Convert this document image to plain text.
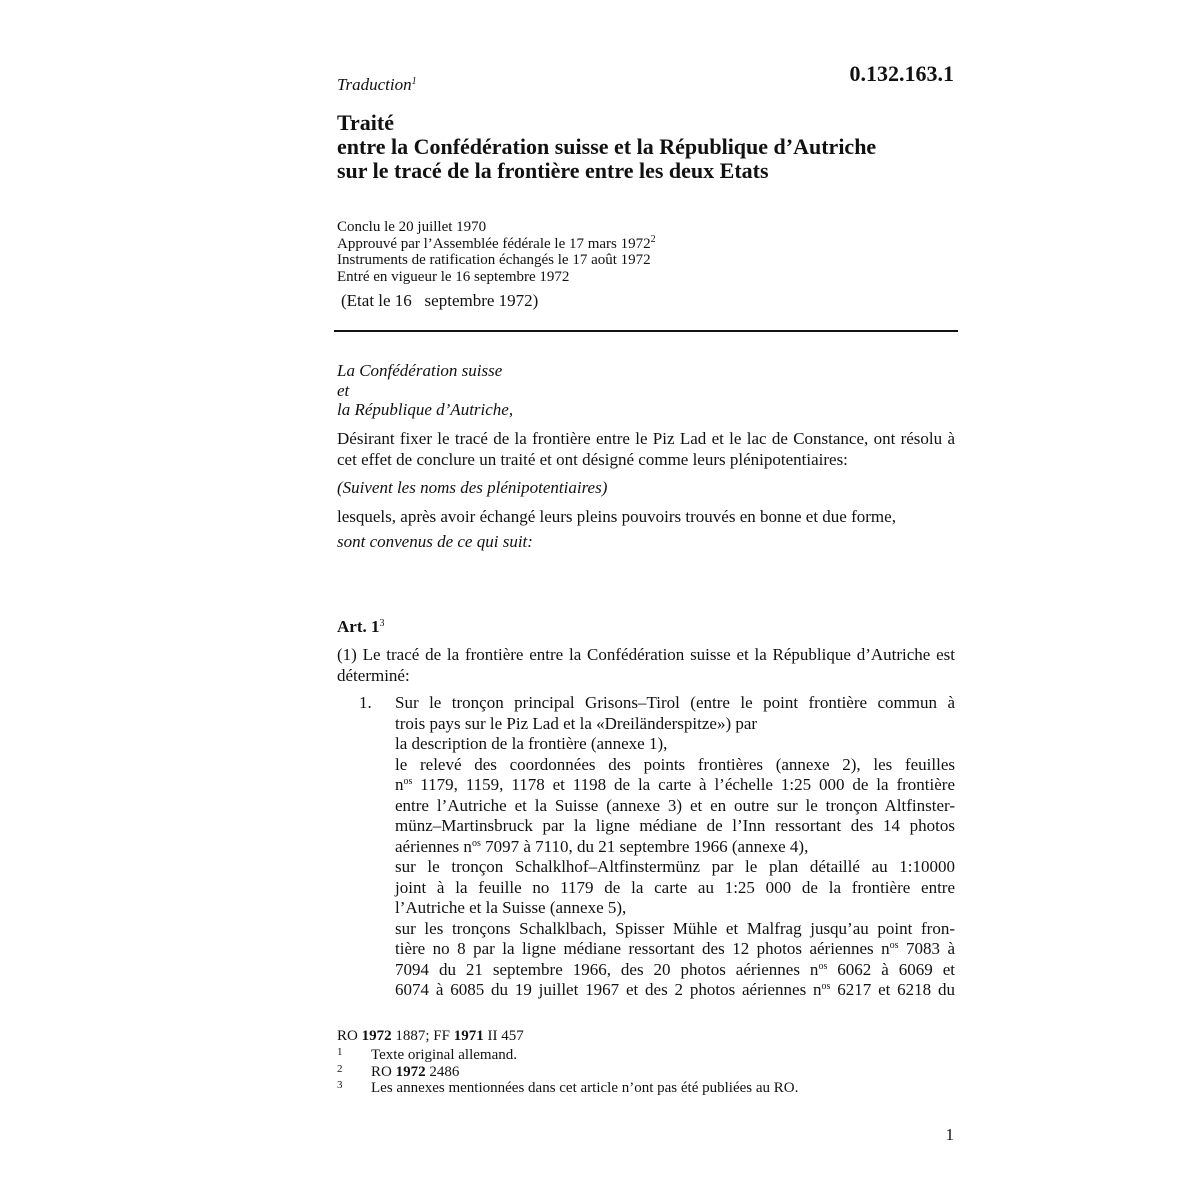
Traduction$^1$	0.132.163.1
Traité
entre la Confédération suisse et la République d’Autriche
sur le tracé de la frontière entre les deux Etats
Conclu le 20 juillet 1970
Approuvé par l’Assemblée fédérale le 17 mars 1972$^2$
Instruments de ratification échangés le 17 août 1972
Entré en vigueur le 16 septembre 1972
(Etat le 16   septembre 1972)
La Confédération suisse
et
la République d’Autriche,
Désirant fixer le tracé de la frontière entre le Piz Lad et le lac de Constance, ont résolu à cet effet de conclure un traité et ont désigné comme leurs plénipotentiaires:
(Suivent les noms des plénipotentiaires)
lesquels, après avoir échangé leurs pleins pouvoirs trouvés en bonne et due forme,
sont convenus de ce qui suit:
Art. $1^3$
(1) Le tracé de la frontière entre la Confédération suisse et la République d’Autriche est déterminé:
1. Sur le tronçon principal Grisons–Tirol (entre le point frontière commun à
trois pays sur le Piz Lad et la «Dreiländerspitze») par
la description de la frontière (annexe 1),
le relevé des coordonnées des points frontières (annexe 2), les feuilles
$n^{os}$ 1179, 1159, 1178 et 1198 de la carte à l’échelle 1:25 000 de la frontière
entre l’Autriche et la Suisse (annexe 3) et en outre sur le tronçon Altfinster-
münz–Martinsbruck par la ligne médiane de l’Inn ressortant des 14 photos
aériennes $n^{os}$ 7097 à 7110, du 21 septembre 1966 (annexe 4),
sur le tronçon Schalklhof–Altfinstermünz par le plan détaillé au 1:10000
joint à la feuille no 1179 de la carte au 1:25 000 de la frontière entre
l’Autriche et la Suisse (annexe 5),
sur les tronçons Schalklbach, Spisser Mühle et Malfrag jusqu’au point fron-
tière no 8 par la ligne médiane ressortant des 12 photos aériennes $n^{os}$ 7083 à
7094 du 21 septembre 1966, des 20 photos aériennes $n^{os}$ 6062 à 6069 et
6074 à 6085 du 19 juillet 1967 et des 2 photos aériennes $n^{os}$ 6217 et 6218 du
RO 1972 1887; FF 1971 II 457
1 Texte original allemand.
2 RO 1972 2486
3 Les annexes mentionnées dans cet article n’ont pas été publiées au RO.
1
